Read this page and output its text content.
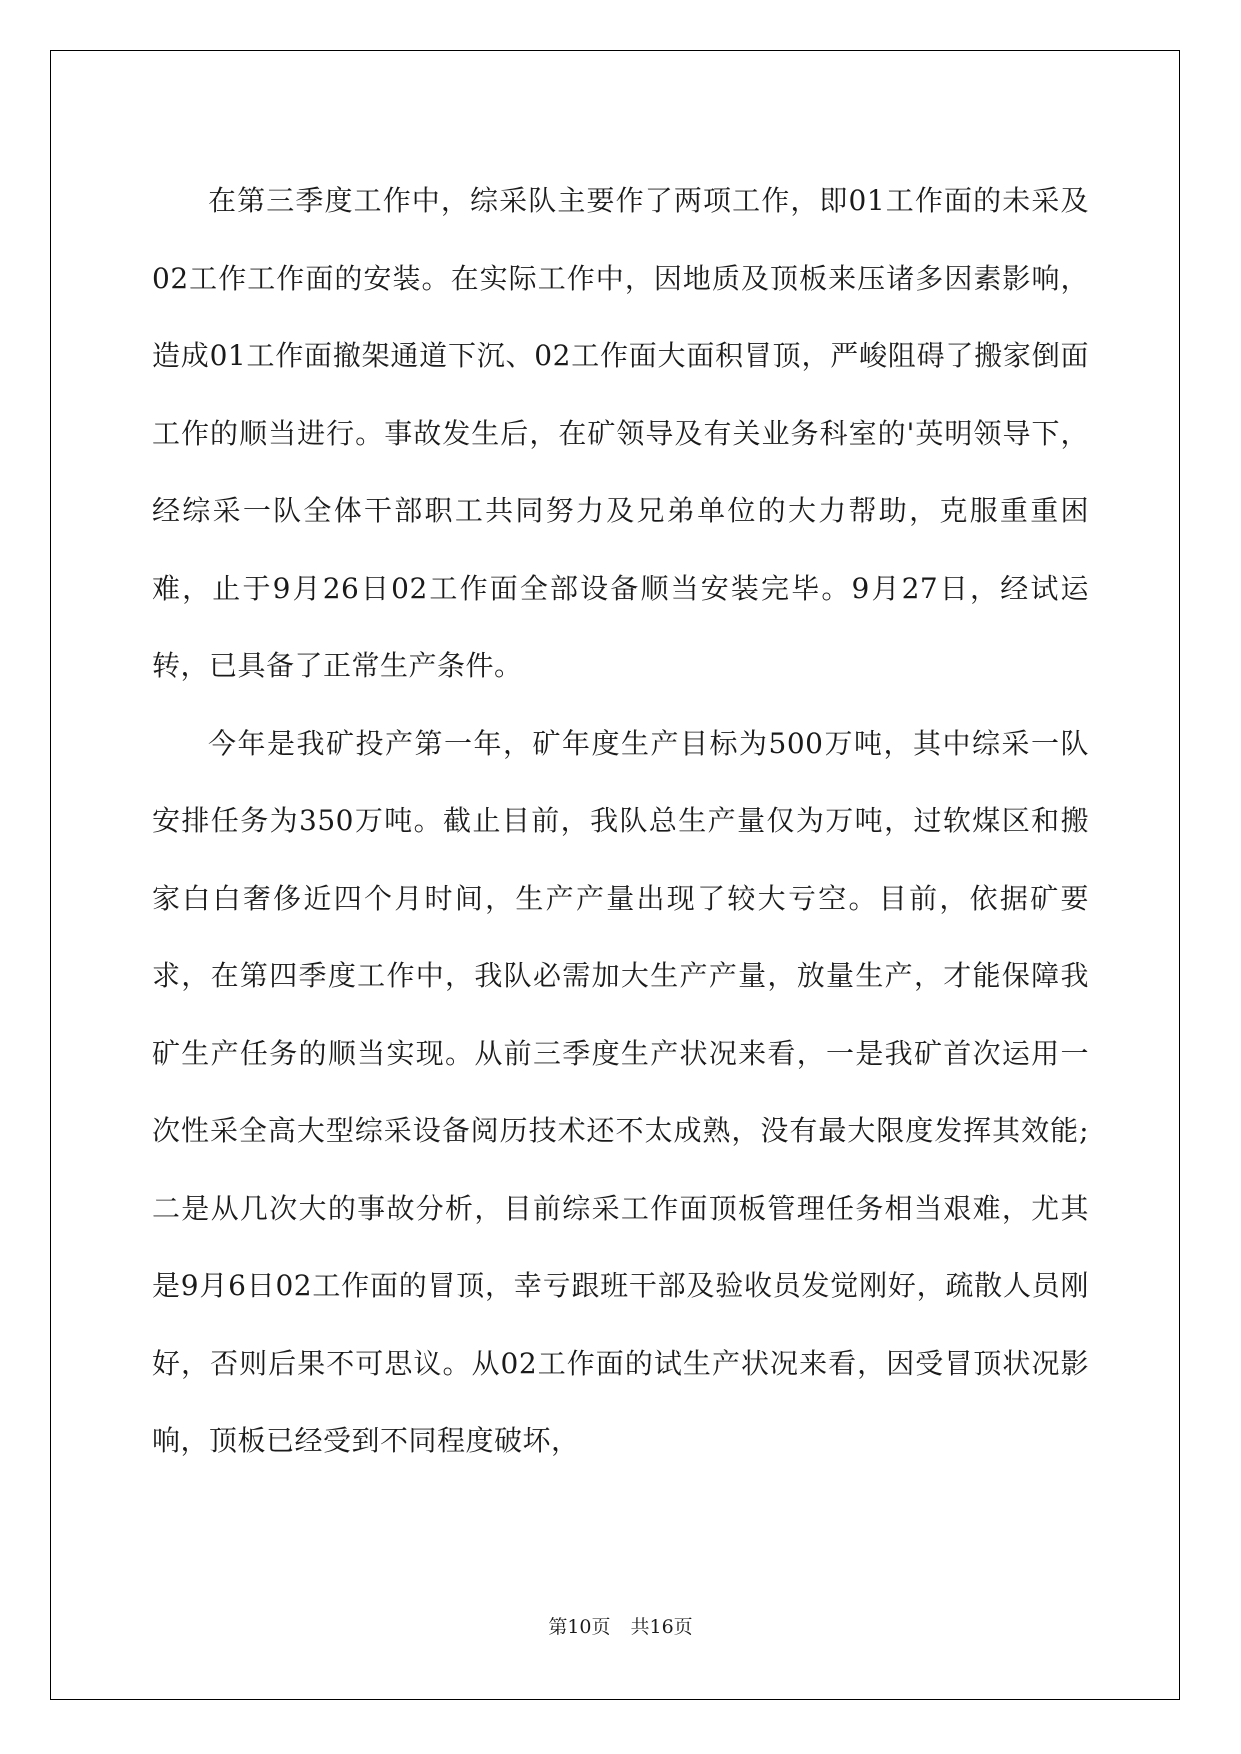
在第三季度工作中，综采队主要作了两项工作，即01工作面的未采及02工作工作面的安装。在实际工作中，因地质及顶板来压诸多因素影响，造成01工作面撤架通道下沉、02工作面大面积冒顶，严峻阻碍了搬家倒面工作的顺当进行。事故发生后，在矿领导及有关业务科室的'英明领导下，经综采一队全体干部职工共同努力及兄弟单位的大力帮助，克服重重困难，止于9月26日02工作面全部设备顺当安装完毕。9月27日，经试运转，已具备了正常生产条件。

今年是我矿投产第一年，矿年度生产目标为500万吨，其中综采一队安排任务为350万吨。截止目前，我队总生产量仅为万吨，过软煤区和搬家白白奢侈近四个月时间，生产产量出现了较大亏空。目前，依据矿要求，在第四季度工作中，我队必需加大生产产量，放量生产，才能保障我矿生产任务的顺当实现。从前三季度生产状况来看，一是我矿首次运用一次性采全高大型综采设备阅历技术还不太成熟，没有最大限度发挥其效能;二是从几次大的事故分析，目前综采工作面顶板管理任务相当艰难，尤其是9月6日02工作面的冒顶，幸亏跟班干部及验收员发觉刚好，疏散人员刚好，否则后果不可思议。从02工作面的试生产状况来看，因受冒顶状况影响，顶板已经受到不同程度破坏，

第10页 共16页
